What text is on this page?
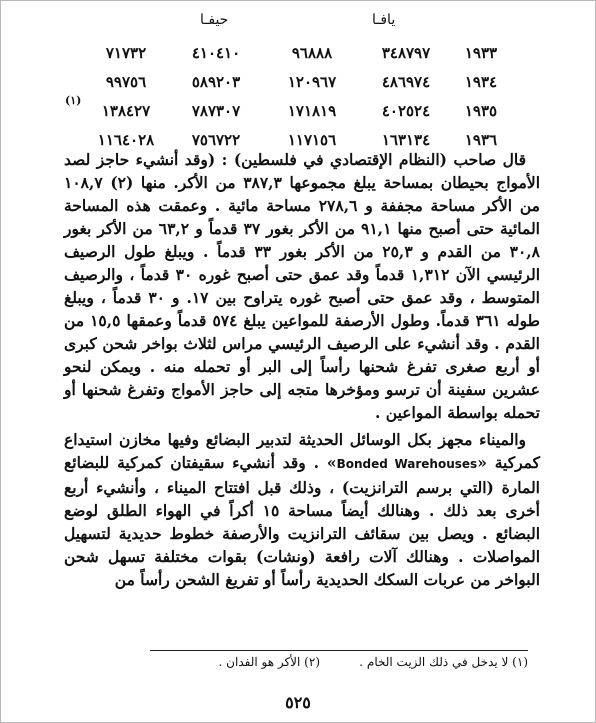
يافـا
حيفـا
١٩٣٣	٣٤٨٧٩٧	٩٦٨٨٨	٤١٠٤١٠	٧١٧٣٢
١٩٣٤	٤٨٦٩٧٤	١٢٠٩٦٧	٥٨٩٢٠٣	٩٩٧٥٦
١٩٣٥	٤٠٢٥٢٤	١٧١٨١٩	٧٨٧٣٠٧	١٣٨٤٢٧
١٩٣٦	١٦٣١٣٤	١١٧١٥٦	٧٥٦٧٢٢	١١٦٤٠٢٨
(١)

قال صاحب (النظام الإقتصادي في فلسطين) : (وقد أنشيء حاجز لصد الأمواج بحيطان بمساحة يبلغ مجموعها ٣٨٧,٣ من الأكر. منها (٢) ١٠٨,٧ من الأكر مساحة مجففة و ٢٧٨,٦ مساحة مائية . وعمقت هذه المساحة المائية حتى أصبح منها ٩١,١ من الأكر بغور ٣٧ قدماً و ٦٣,٢ من الأكر بغور ٣٠,٨ من القدم و ٢٥,٣ من الأكر بغور ٣٣ قدماً . ويبلغ طول الرصيف الرئيسي الآن ١,٣١٢ قدماً وقد عمق حتى أصبح غوره ٣٠ قدماً ، والرصيف المتوسط ، وقد عمق حتى أصبح غوره يتراوح بين ١٧. و ٣٠ قدماً ، ويبلغ طوله ٣٦١ قدماً. وطول الأرصفة للمواعين يبلغ ٥٧٤ قدماً وعمقها ١٥,٥ من القدم . وقد أنشيء على الرصيف الرئيسي مراس لثلاث بواخر شحن كبرى أو أربع صغرى تفرغ شحنها رأساً إلى البر أو تحمله منه . ويمكن لنحو عشرين سفينة أن ترسو ومؤخرها متجه إلى حاجز الأمواج وتفرغ شحنها أو تحمله بواسطة المواعين .

والميناء مجهز بكل الوسائل الحديثة لتدبير البضائع وفيها مخازن استيداع كمركية «Bonded Warehouses» . وقد أنشيء سقيفتان كمركية للبضائع المارة (التي برسم الترانزيت) ، وذلك قبل افتتاح الميناء ، وأنشيء أربع أخرى بعد ذلك . وهنالك أيضاً مساحة ١٥ أكراً في الهواء الطلق لوضع البضائع . ويصل بين سقائف الترانزيت والأرصفة خطوط حديدية لتسهيل المواصلات . وهنالك آلات رافعة (ونشات) بقوات مختلفة تسهل شحن البواخر من عربات السكك الحديدية رأساً أو تفريغ الشحن رأساً من

(١) لا يدخل في ذلك الزيت الخام .
(٢) الأكر هو الفدان .
٥٢٥
